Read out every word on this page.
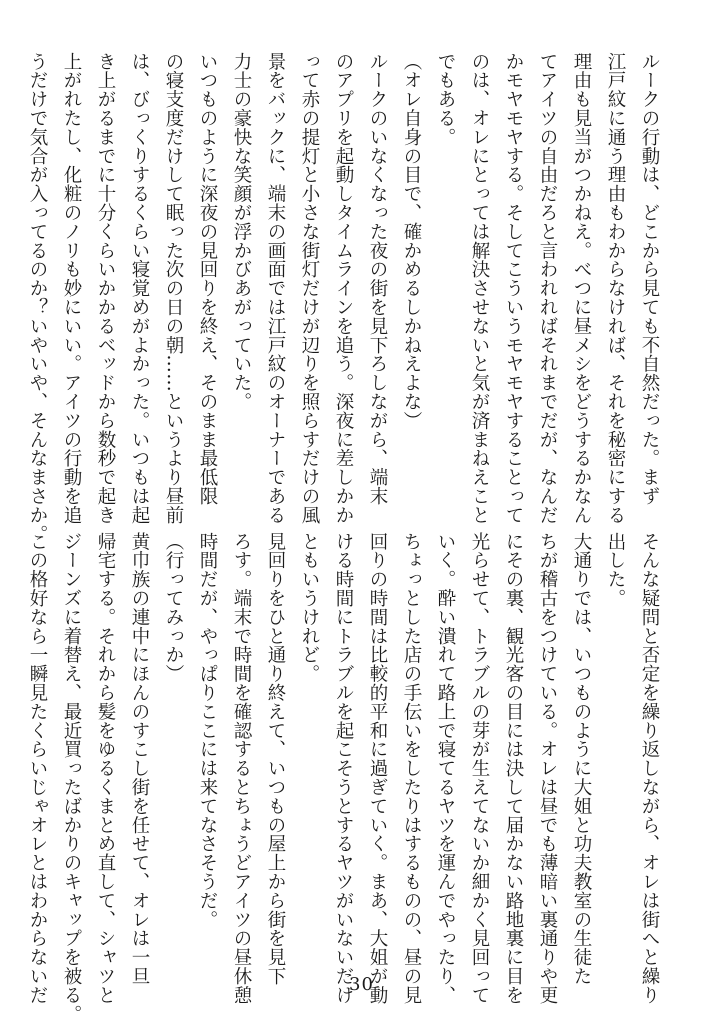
ルークの行動は、どこから見ても不自然だった。まず

江戸紋に通う理由もわからなければ、それを秘密にする

理由も見当がつかねえ。べつに昼メシをどうするかなん

てアイツの自由だろと言われればそれまでだが、なんだ

かモヤモヤする。そしてこういうモヤモヤすることって

のは、オレにとっては解決させないと気が済まねえこと

でもある。

（オレ自身の目で、確かめるしかねえよな）

ルークのいなくなった夜の街を見下ろしながら、端末

のアプリを起動しタイムラインを追う。深夜に差しかか

って赤の提灯と小さな街灯だけが辺りを照らすだけの風

景をバックに、端末の画面では江戸紋のオーナーである

力士の豪快な笑顔が浮かびあがっていた。

いつものように深夜の見回りを終え、そのまま最低限

の寝支度だけして眠った次の日の朝……というより昼前

は、びっくりするくらい寝覚めがよかった。いつもは起

き上がるまでに十分くらいかかるベッドから数秒で起き

上がれたし、化粧のノリも妙にいい。アイツの行動を追

うだけで気合が入ってるのか？いやいや、そんなまさか。

そんな疑問と否定を繰り返しながら、オレは街へと繰り

出した。

大通りでは、いつものように大姐と功夫教室の生徒た

ちが稽古をつけている。オレは昼でも薄暗い裏通りや更

にその裏、観光客の目には決して届かない路地裏に目を

光らせて、トラブルの芽が生えてないか細かく見回って

いく。酔い潰れて路上で寝てるヤツを運んでやったり、

ちょっとした店の手伝いをしたりはするものの、昼の見

回りの時間は比較的平和に過ぎていく。まあ、大姐が動

ける時間にトラブルを起こそうとするヤツがいないだけ

ともいうけれど。

見回りをひと通り終えて、いつもの屋上から街を見下

ろす。端末で時間を確認するとちょうどアイツの昼休憩

時間だが、やっぱりここには来てなさそうだ。

（行ってみっか）

黄巾族の連中にほんのすこし街を任せて、オレは一旦

帰宅する。それから髪をゆるくまとめ直して、シャツと

ジーンズに着替え、最近買ったばかりのキャップを被る。

この格好なら一瞬見たくらいじゃオレとはわからないだ	30
